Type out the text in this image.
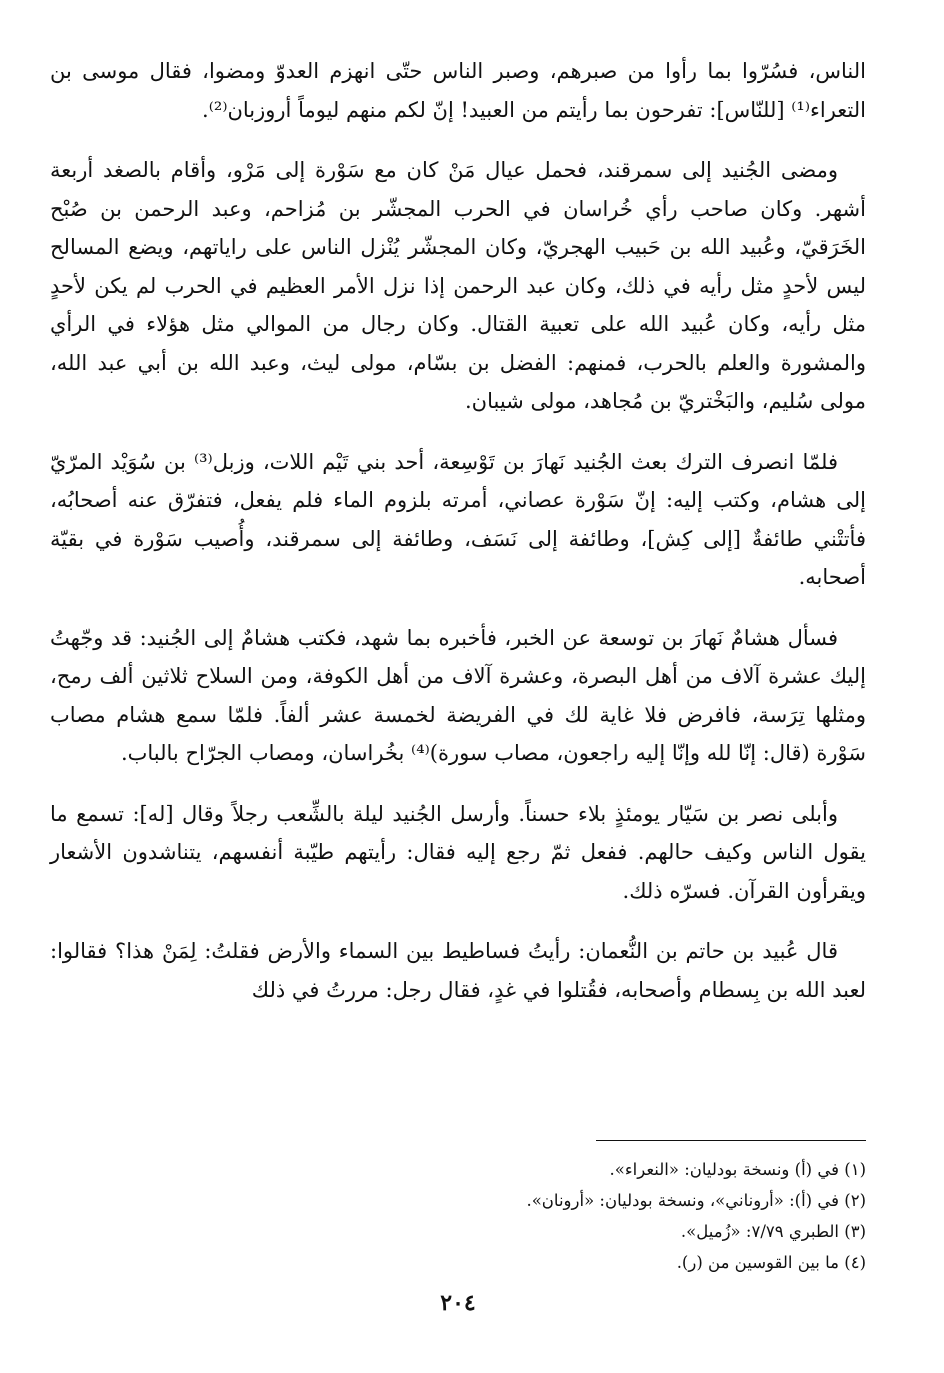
الناس، فسُرّوا بما رأوا من صبرهم، وصبر الناس حتّى انهزم العدوّ ومضوا، فقال موسى بن التعراء⁽¹⁾ [للنّاس]: تفرحون بما رأيتم من العبيد! إنّ لكم منهم ليوماً أروزبان⁽²⁾.

ومضى الجُنيد إلى سمرقند، فحمل عيال مَنْ كان مع سَوْرة إلى مَرْو، وأقام بالصغد أربعة أشهر. وكان صاحب رأي خُراسان في الحرب المجشّر بن مُزاحم، وعبد الرحمن بن صُبْح الخَرَقيّ، وعُبيد الله بن حَبيب الهجريّ، وكان المجشّر يُنْزل الناس على راياتهم، ويضع المسالح ليس لأحدٍ مثل رأيه في ذلك، وكان عبد الرحمن إذا نزل الأمر العظيم في الحرب لم يكن لأحدٍ مثل رأيه، وكان عُبيد الله على تعبية القتال. وكان رجال من الموالي مثل هؤلاء في الرأي والمشورة والعلم بالحرب، فمنهم: الفضل بن بسّام، مولى ليث، وعبد الله بن أبي عبد الله، مولى سُليم، والبَخْتريّ بن مُجاهد، مولى شيبان.

فلمّا انصرف الترك بعث الجُنيد نَهارَ بن تَوْسِعة، أحد بني تَيْم اللات، وزبل⁽³⁾ بن سُوَيْد المرّيّ إلى هشام، وكتب إليه: إنّ سَوْرة عصاني، أمرته بلزوم الماء فلم يفعل، فتفرّق عنه أصحابُه، فأتتْني طائفةٌ [إلى كِش]، وطائفة إلى نَسَف، وطائفة إلى سمرقند، وأُصيب سَوْرة في بقيّة أصحابه.

فسأل هشامٌ نَهارَ بن توسعة عن الخبر، فأخبره بما شهد، فكتب هشامٌ إلى الجُنيد: قد وجّهتُ إليك عشرة آلاف من أهل البصرة، وعشرة آلاف من أهل الكوفة، ومن السلاح ثلاثين ألف رمح، ومثلها تِرَسة، فافرض فلا غاية لك في الفريضة لخمسة عشر ألفاً. فلمّا سمع هشام مصاب سَوْرة (قال: إنّا لله وإنّا إليه راجعون، مصاب سورة)⁽⁴⁾ بخُراسان، ومصاب الجرّاح بالباب.

وأبلى نصر بن سَيّار يومئذٍ بلاء حسناً. وأرسل الجُنيد ليلة بالشِّعب رجلاً وقال [له]: تسمع ما يقول الناس وكيف حالهم. ففعل ثمّ رجع إليه فقال: رأيتهم طيّبة أنفسهم، يتناشدون الأشعار ويقرأون القرآن. فسرّه ذلك.

قال عُبيد بن حاتم بن النُّعمان: رأيتُ فساطيط بين السماء والأرض فقلتُ: لِمَنْ هذا؟ فقالوا: لعبد الله بن بِسطام وأصحابه، فقُتلوا في غدٍ، فقال رجل: مررتُ في ذلك

(١) في (أ) ونسخة بودليان: «النعراء».

(٢) في (أ): «أروناني»، ونسخة بودليان: «أرونان».

(٣) الطبري ٧/٧٩: «زُميل».

(٤) ما بين القوسين من (ر).

٢٠٤
